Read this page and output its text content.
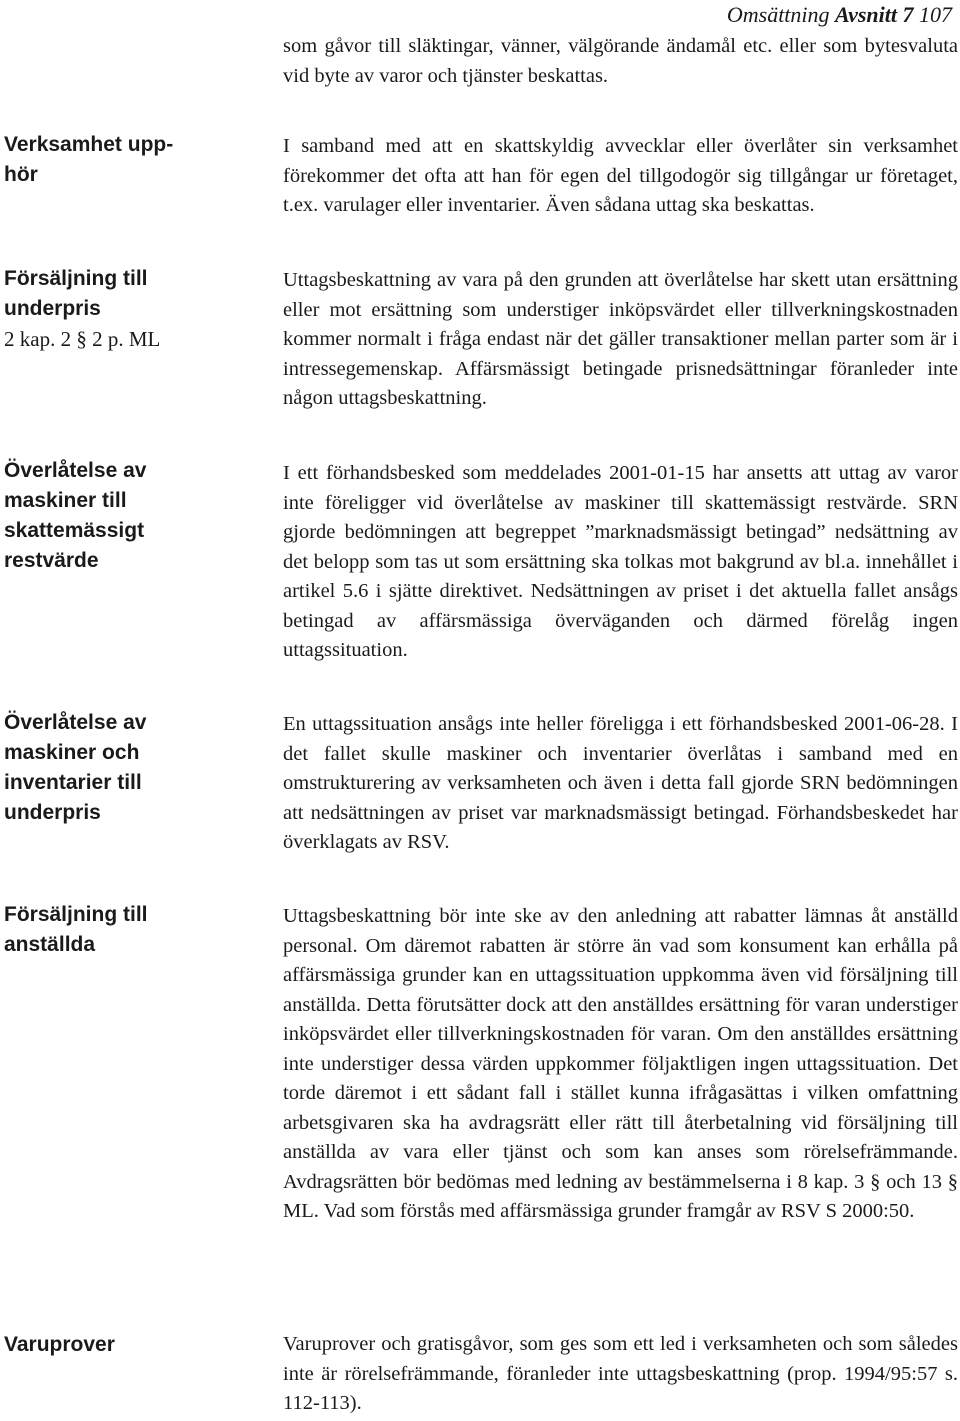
Omsättning Avsnitt 7 107
Verksamhet upp-
hör
Försäljning till
underpris
2 kap. 2 § 2 p. ML
Överlåtelse av
maskiner till
skattemässigt
restvärde
Överlåtelse av
maskiner och
inventarier till
underpris
Försäljning till
anställda
Varuprover

som gåvor till släktingar, vänner, välgörande ändamål etc. eller som bytesvaluta vid byte av varor och tjänster beskattas.

I samband med att en skattskyldig avvecklar eller överlåter sin verksamhet förekommer det ofta att han för egen del tillgodogör sig tillgångar ur företaget, t.ex. varulager eller inventarier. Även sådana uttag ska beskattas.

Uttagsbeskattning av vara på den grunden att överlåtelse har skett utan ersättning eller mot ersättning som understiger inköpsvärdet eller tillverkningskostnaden kommer normalt i fråga endast när det gäller transaktioner mellan parter som är i intressegemenskap. Affärsmässigt betingade prisnedsättningar föranleder inte någon uttagsbeskattning.

I ett förhandsbesked som meddelades 2001-01-15 har ansetts att uttag av varor inte föreligger vid överlåtelse av maskiner till skattemässigt restvärde. SRN gjorde bedömningen att begreppet ”marknadsmässigt betingad” nedsättning av det belopp som tas ut som ersättning ska tolkas mot bakgrund av bl.a. innehållet i artikel 5.6 i sjätte direktivet. Nedsättningen av priset i det aktuella fallet ansågs betingad av affärsmässiga överväganden och därmed förelåg ingen uttagssituation.

En uttagssituation ansågs inte heller föreligga i ett förhandsbesked 2001-06-28. I det fallet skulle maskiner och inventarier överlåtas i samband med en omstrukturering av verksamheten och även i detta fall gjorde SRN bedömningen att nedsättningen av priset var marknadsmässigt betingad. Förhandsbeskedet har överklagats av RSV.

Uttagsbeskattning bör inte ske av den anledning att rabatter lämnas åt anställd personal. Om däremot rabatten är större än vad som konsument kan erhålla på affärsmässiga grunder kan en uttagssituation uppkomma även vid försäljning till anställda. Detta förutsätter dock att den anställdes ersättning för varan understiger inköpsvärdet eller tillverkningskostnaden för varan. Om den anställdes ersättning inte understiger dessa värden uppkommer följaktligen ingen uttagssituation. Det torde däremot i ett sådant fall i stället kunna ifrågasättas i vilken omfattning arbetsgivaren ska ha avdragsrätt eller rätt till återbetalning vid försäljning till anställda av vara eller tjänst och som kan anses som rörelsefrämmande. Avdragsrätten bör bedömas med ledning av bestämmelserna i 8 kap. 3 § och 13 § ML. Vad som förstås med affärsmässiga grunder framgår av RSV S 2000:50.

Varuprover och gratisgåvor, som ges som ett led i verksamheten och som således inte är rörelsefrämmande, föranleder inte uttagsbeskattning (prop. 1994/95:57 s. 112-113).
